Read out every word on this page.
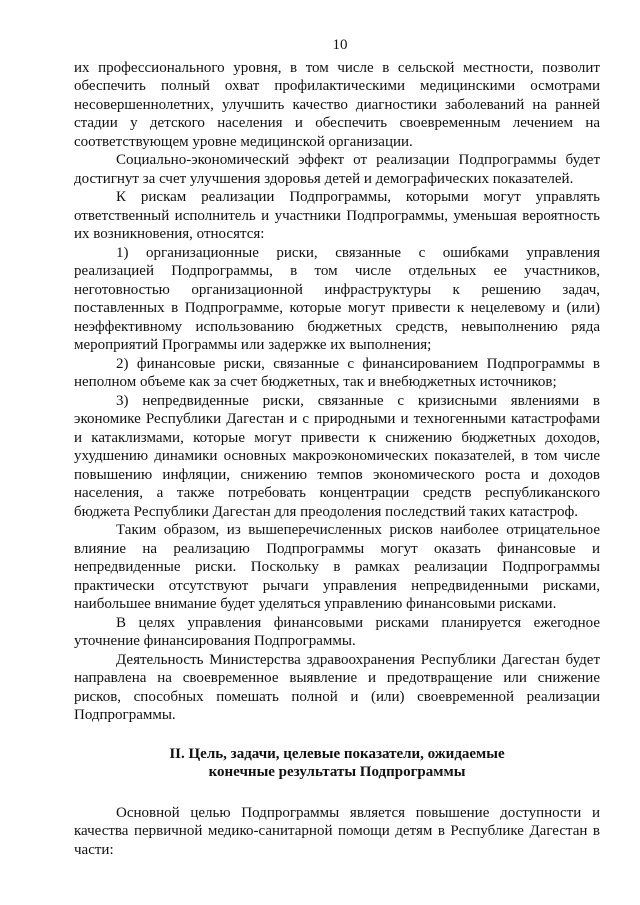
10

их профессионального уровня, в том числе в сельской местности, позволит обеспечить полный охват профилактическими медицинскими осмотрами несовершеннолетних, улучшить качество диагностики заболеваний на ранней стадии у детского населения и обеспечить своевременным лечением на соответствующем уровне медицинской организации.

Социально-экономический эффект от реализации Подпрограммы будет достигнут за счет улучшения здоровья детей и демографических показателей.

К рискам реализации Подпрограммы, которыми могут управлять ответственный исполнитель и участники Подпрограммы, уменьшая вероятность их возникновения, относятся:

1) организационные риски, связанные с ошибками управления реализацией Подпрограммы, в том числе отдельных ее участников, неготовностью организационной инфраструктуры к решению задач, поставленных в Подпрограмме, которые могут привести к нецелевому и (или) неэффективному использованию бюджетных средств, невыполнению ряда мероприятий Программы или задержке их выполнения;

2) финансовые риски, связанные с финансированием Подпрограммы в неполном объеме как за счет бюджетных, так и внебюджетных источников;

3) непредвиденные риски, связанные с кризисными явлениями в экономике Республики Дагестан и с природными и техногенными катастрофами и катаклизмами, которые могут привести к снижению бюджетных доходов, ухудшению динамики основных макроэкономических показателей, в том числе повышению инфляции, снижению темпов экономического роста и доходов населения, а также потребовать концентрации средств республиканского бюджета Республики Дагестан для преодоления последствий таких катастроф.

Таким образом, из вышеперечисленных рисков наиболее отрицательное влияние на реализацию Подпрограммы могут оказать финансовые и непредвиденные риски. Поскольку в рамках реализации Подпрограммы практически отсутствуют рычаги управления непредвиденными рисками, наибольшее внимание будет уделяться управлению финансовыми рисками.

В целях управления финансовыми рисками планируется ежегодное уточнение финансирования Подпрограммы.

Деятельность Министерства здравоохранения Республики Дагестан будет направлена на своевременное выявление и предотвращение или снижение рисков, способных помешать полной и (или) своевременной реализации Подпрограммы.

II. Цель, задачи, целевые показатели, ожидаемые
конечные результаты Подпрограммы

Основной целью Подпрограммы является повышение доступности и качества первичной медико-санитарной помощи детям в Республике Дагестан в части:
